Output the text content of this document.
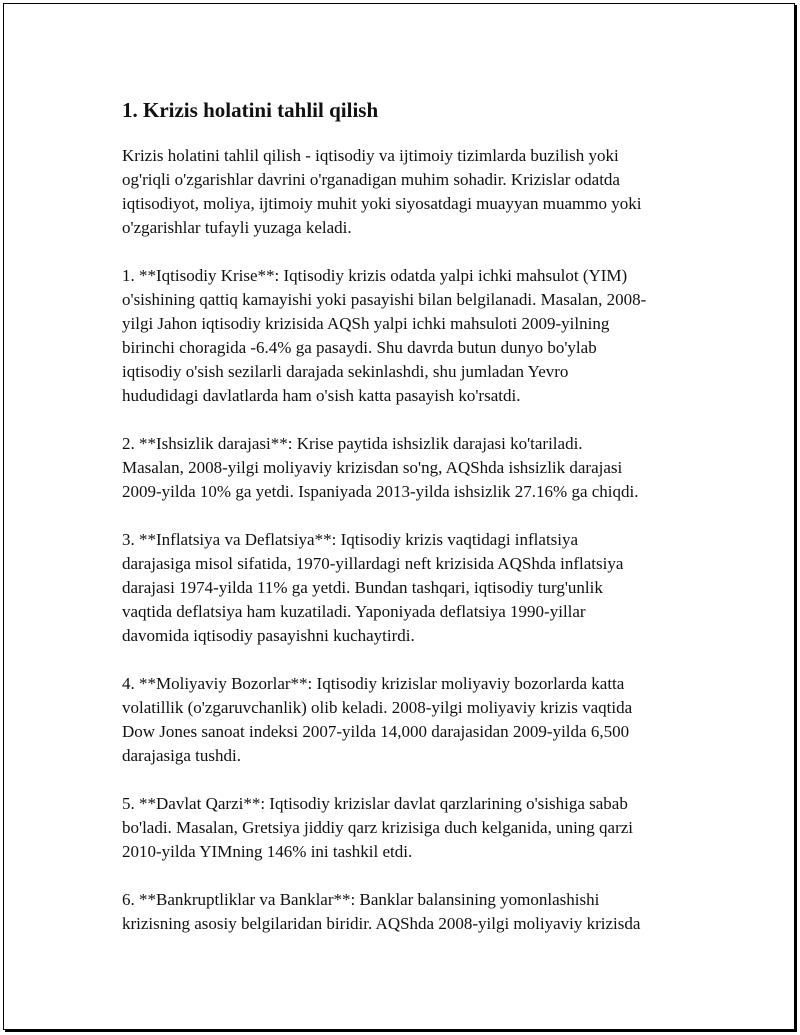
1. Krizis holatini tahlil qilish

Krizis holatini tahlil qilish - iqtisodiy va ijtimoiy tizimlarda buzilish yoki
og'riqli o'zgarishlar davrini o'rganadigan muhim sohadir. Krizislar odatda
iqtisodiyot, moliya, ijtimoiy muhit yoki siyosatdagi muayyan muammo yoki
o'zgarishlar tufayli yuzaga keladi.

1. **Iqtisodiy Krise**: Iqtisodiy krizis odatda yalpi ichki mahsulot (YIM)
o'sishining qattiq kamayishi yoki pasayishi bilan belgilanadi. Masalan, 2008-
yilgi Jahon iqtisodiy krizisida AQSh yalpi ichki mahsuloti 2009-yilning
birinchi choragida -6.4% ga pasaydi. Shu davrda butun dunyo bo'ylab
iqtisodiy o'sish sezilarli darajada sekinlashdi, shu jumladan Yevro
hududidagi davlatlarda ham o'sish katta pasayish ko'rsatdi.

2. **Ishsizlik darajasi**: Krise paytida ishsizlik darajasi ko'tariladi.
Masalan, 2008-yilgi moliyaviy krizisdan so'ng, AQShda ishsizlik darajasi
2009-yilda 10% ga yetdi. Ispaniyada 2013-yilda ishsizlik 27.16% ga chiqdi.

3. **Inflatsiya va Deflatsiya**: Iqtisodiy krizis vaqtidagi inflatsiya
darajasiga misol sifatida, 1970-yillardagi neft krizisida AQShda inflatsiya
darajasi 1974-yilda 11% ga yetdi. Bundan tashqari, iqtisodiy turg'unlik
vaqtida deflatsiya ham kuzatiladi. Yaponiyada deflatsiya 1990-yillar
davomida iqtisodiy pasayishni kuchaytirdi.

4. **Moliyaviy Bozorlar**: Iqtisodiy krizislar moliyaviy bozorlarda katta
volatillik (o'zgaruvchanlik) olib keladi. 2008-yilgi moliyaviy krizis vaqtida
Dow Jones sanoat indeksi 2007-yilda 14,000 darajasidan 2009-yilda 6,500
darajasiga tushdi.

5. **Davlat Qarzi**: Iqtisodiy krizislar davlat qarzlarining o'sishiga sabab
bo'ladi. Masalan, Gretsiya jiddiy qarz krizisiga duch kelganida, uning qarzi
2010-yilda YIMning 146% ini tashkil etdi.

6. **Bankruptliklar va Banklar**: Banklar balansining yomonlashishi
krizisning asosiy belgilaridan biridir. AQShda 2008-yilgi moliyaviy krizisda
